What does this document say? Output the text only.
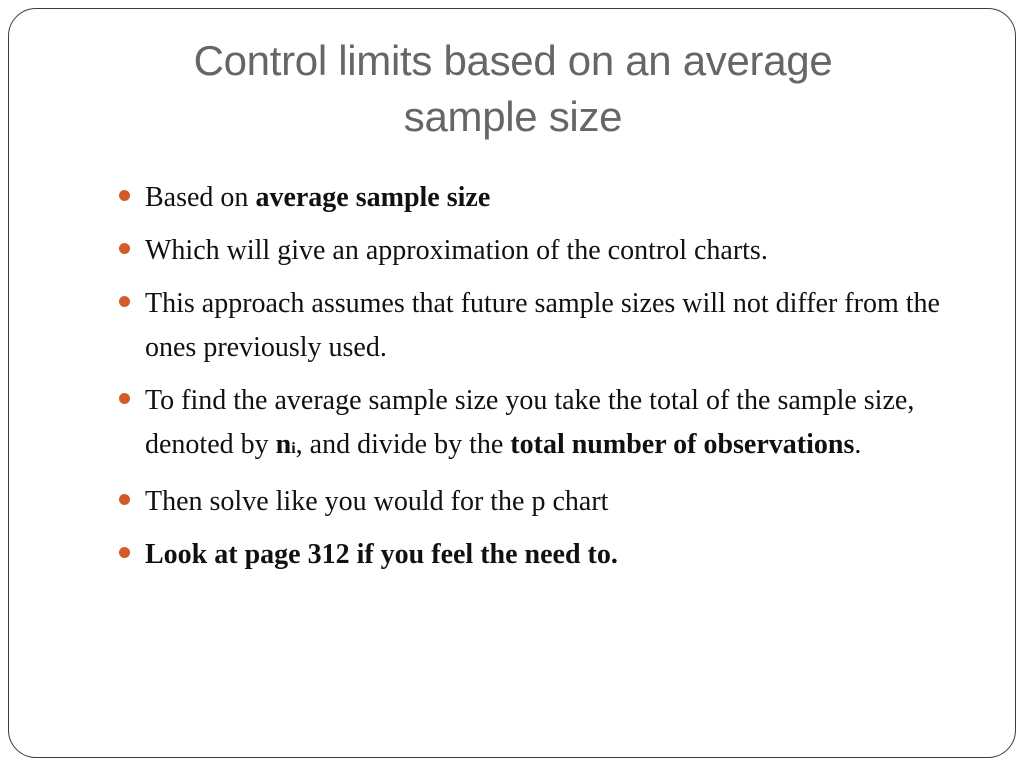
Control limits based on an average
sample size
Based on average sample size
Which will give an approximation of the control charts.
This approach assumes that future sample sizes will not differ from the ones previously used.
To find the average sample size you take the total of the sample size, denoted by ni, and divide by the total number of observations.
Then solve like you would for the p chart
Look at page 312 if you feel the need to.
